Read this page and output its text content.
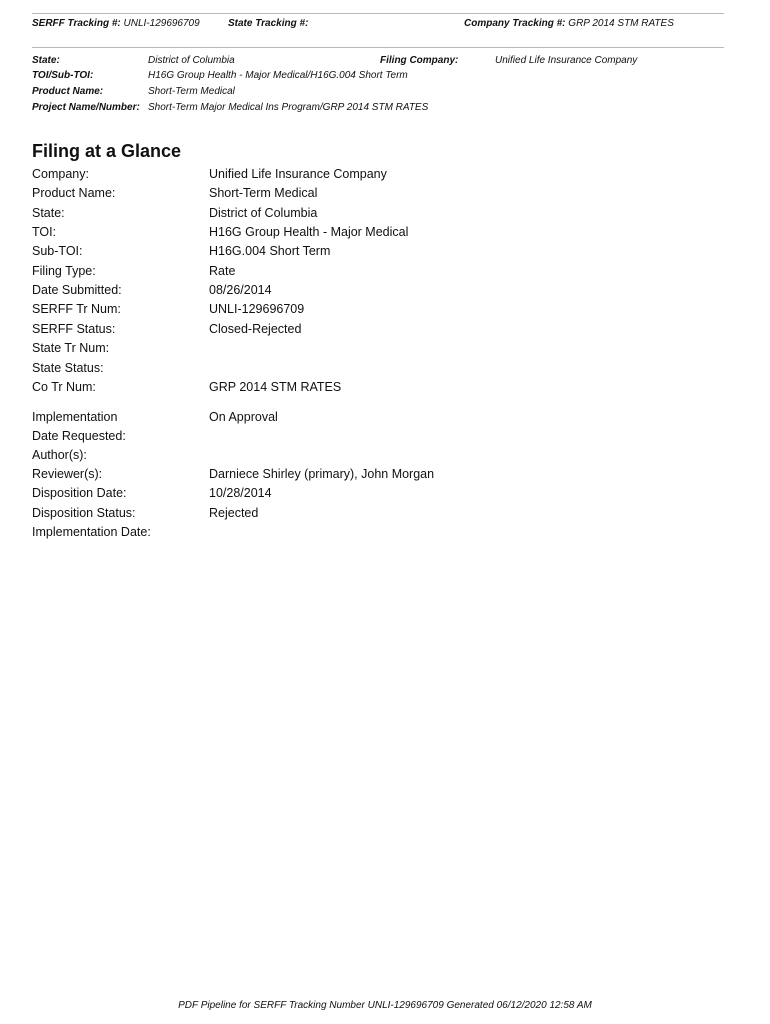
SERFF Tracking #: UNLI-129696709	State Tracking #:	Company Tracking #: GRP 2014 STM RATES
State:	District of Columbia	Filing Company:	Unified Life Insurance Company
TOI/Sub-TOI:	H16G Group Health - Major Medical/H16G.004 Short Term
Product Name:	Short-Term Medical
Project Name/Number: Short-Term Major Medical Ins Program/GRP 2014 STM RATES
Filing at a Glance
Company:	Unified Life Insurance Company
Product Name:	Short-Term Medical
State:	District of Columbia
TOI:	H16G Group Health - Major Medical
Sub-TOI:	H16G.004 Short Term
Filing Type:	Rate
Date Submitted:	08/26/2014
SERFF Tr Num:	UNLI-129696709
SERFF Status:	Closed-Rejected
State Tr Num:
State Status:
Co Tr Num:	GRP 2014 STM RATES
Implementation	On Approval
Date Requested:
Author(s):
Reviewer(s):	Darniece Shirley (primary), John Morgan
Disposition Date:	10/28/2014
Disposition Status:	Rejected
Implementation Date:
PDF Pipeline for SERFF Tracking Number UNLI-129696709 Generated 06/12/2020 12:58 AM
